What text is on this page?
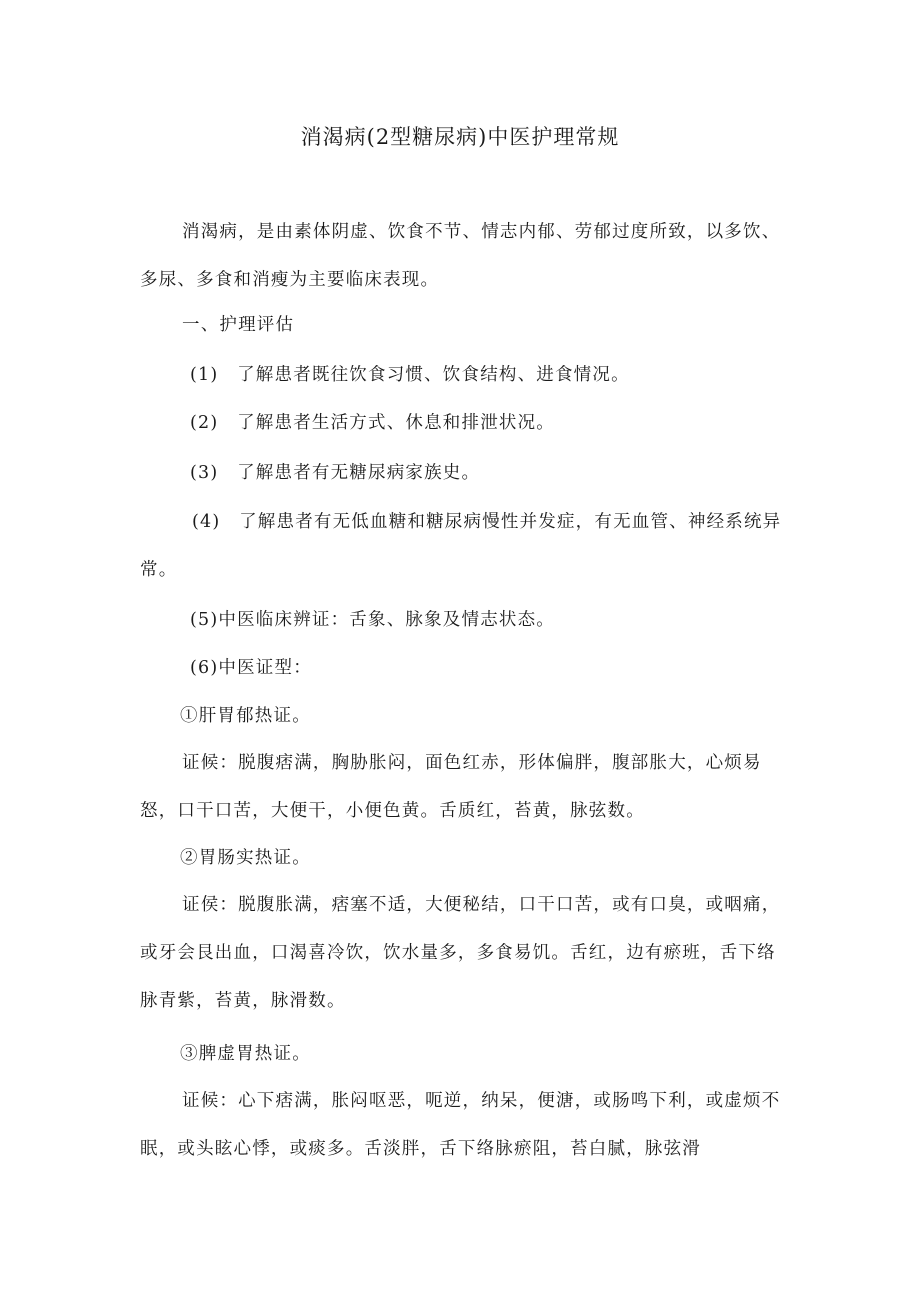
消渴病(2型糖尿病)中医护理常规

消渴病，是由素体阴虚、饮食不节、情志内郁、劳郁过度所致，以多饮、多尿、多食和消瘦为主要临床表现。

一、护理评估

(1)　了解患者既往饮食习惯、饮食结构、进食情况。

(2)　了解患者生活方式、休息和排泄状况。

(3)　了解患者有无糖尿病家族史。

(4)　了解患者有无低血糖和糖尿病慢性并发症，有无血管、神经系统异常。

(5)中医临床辨证：舌象、脉象及情志状态。

(6)中医证型：

①肝胃郁热证。

证候：脱腹痞满，胸胁胀闷，面色红赤，形体偏胖，腹部胀大，心烦易怒，口干口苦，大便干，小便色黄。舌质红，苔黄，脉弦数。

②胃肠实热证。

证侯：脱腹胀满，痞塞不适，大便秘结，口干口苦，或有口臭，或咽痛，或牙会艮出血，口渴喜冷饮，饮水量多，多食易饥。舌红，边有瘀班，舌下络脉青紫，苔黄，脉滑数。

③脾虚胃热证。

证候：心下痞满，胀闷呕恶，呃逆，纳呆，便溏，或肠鸣下利，或虚烦不眠，或头眩心悸，或痰多。舌淡胖，舌下络脉瘀阻，苔白腻，脉弦滑
